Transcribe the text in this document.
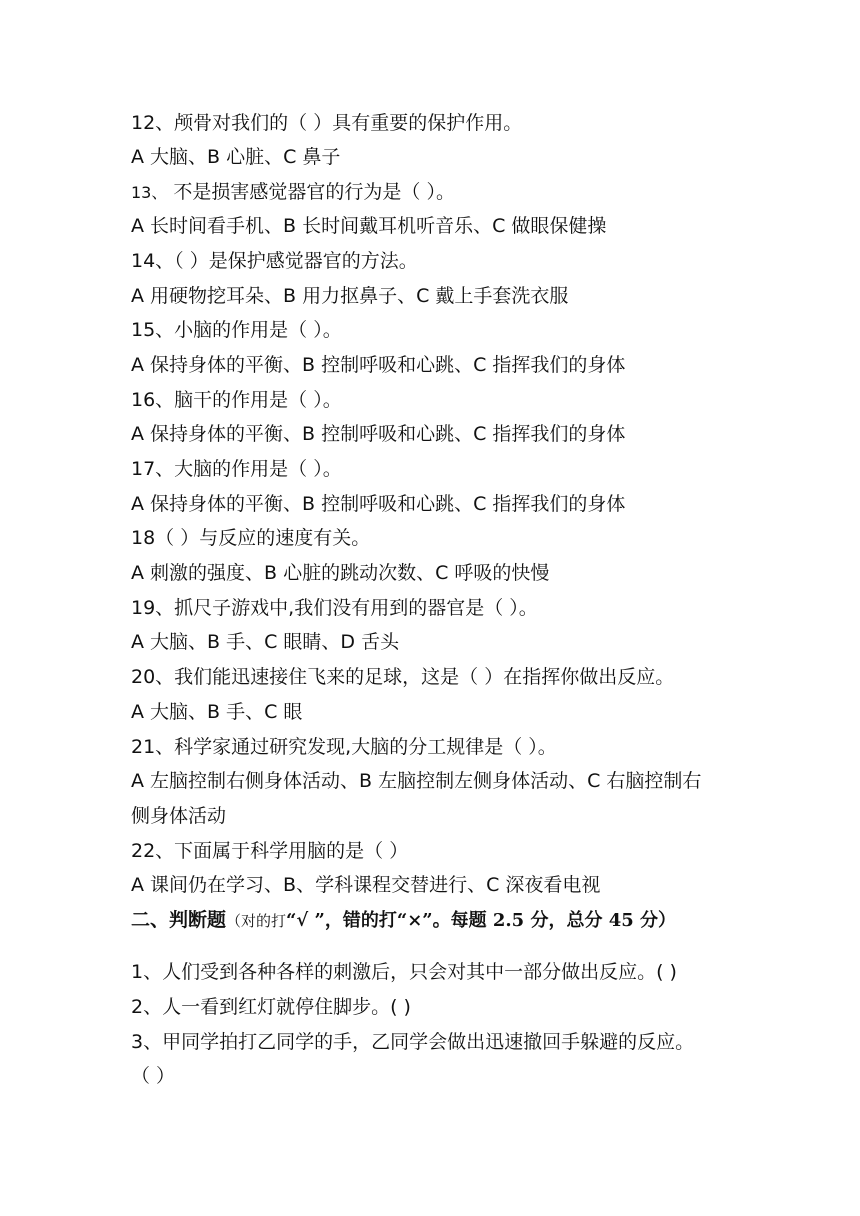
12、颅骨对我们的（ ）具有重要的保护作用。
A 大脑、B 心脏、C 鼻子
13、 不是损害感觉器官的行为是（ ）。
A 长时间看手机、B 长时间戴耳机听音乐、C 做眼保健操
14、（ ）是保护感觉器官的方法。
A 用硬物挖耳朵、B 用力抠鼻子、C 戴上手套洗衣服
15、小脑的作用是（ ）。
A 保持身体的平衡、B 控制呼吸和心跳、C 指挥我们的身体
16、脑干的作用是（ ）。
A 保持身体的平衡、B 控制呼吸和心跳、C 指挥我们的身体
17、大脑的作用是（ ）。
A 保持身体的平衡、B 控制呼吸和心跳、C 指挥我们的身体
18（ ）与反应的速度有关。
A 刺激的强度、B 心脏的跳动次数、C 呼吸的快慢
19、抓尺子游戏中,我们没有用到的器官是（ ）。
A 大脑、B 手、C 眼睛、D 舌头
20、我们能迅速接住飞来的足球，这是（ ）在指挥你做出反应。
A 大脑、B 手、C 眼
21、科学家通过研究发现,大脑的分工规律是（ ）。
A 左脑控制右侧身体活动、B 左脑控制左侧身体活动、C 右脑控制右
侧身体活动
22、下面属于科学用脑的是（ ）
A 课间仍在学习、B、学科课程交替进行、C 深夜看电视
二、判断题（对的打“√ ”，错的打“×”。每题 2.5 分，总分 45 分）
1、人们受到各种各样的刺激后，只会对其中一部分做出反应。( )
2、人一看到红灯就停住脚步。( )
3、甲同学拍打乙同学的手，乙同学会做出迅速撤回手躲避的反应。
（ ）
